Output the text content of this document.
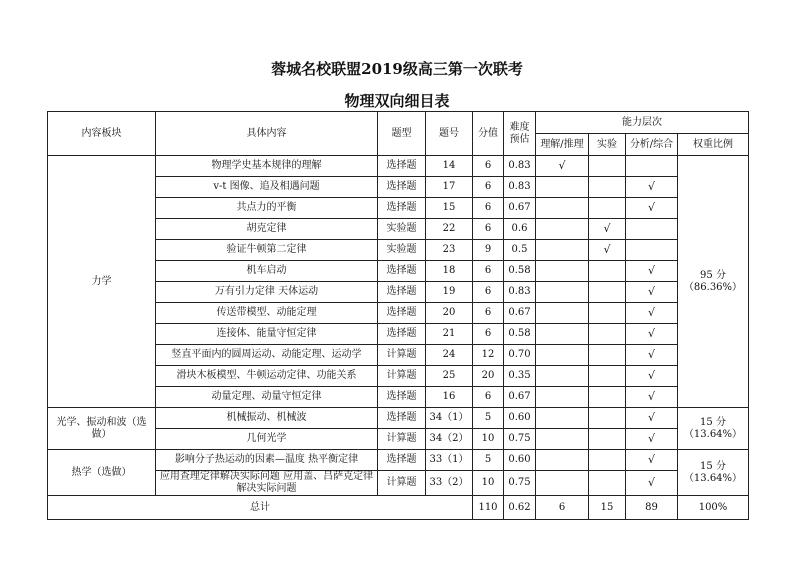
蓉城名校联盟2019级高三第一次联考
物理双向细目表
内容板块	具体内容	题型	题号	分值	难度预估	能力层次			
						理解/推理	实验	分析/综合	权重比例
力学	物理学史基本规律的理解	选择题	14	6	0.83	√			95 分（86.36%）
	v-t 图像、追及相遇问题	选择题	17	6	0.83			√	
	共点力的平衡	选择题	15	6	0.67			√	
	胡克定律	实验题	22	6	0.6		√		
	验证牛顿第二定律	实验题	23	9	0.5		√		
	机车启动	选择题	18	6	0.58			√	
	万有引力定律 天体运动	选择题	19	6	0.83			√	
	传送带模型、动能定理	选择题	20	6	0.67			√	
	连接体、能量守恒定律	选择题	21	6	0.58			√	
	竖直平面内的圆周运动、动能定理、运动学	计算题	24	12	0.70			√	
	滑块木板模型、牛顿运动定律、功能关系	计算题	25	20	0.35			√	
	动量定理、动量守恒定律	选择题	16	6	0.67			√	
光学、振动和波（选做）	机械振动、机械波	选择题	34（1）	5	0.60			√	15 分（13.64%）
	几何光学	计算题	34（2）	10	0.75			√	
热学（选做）	影响分子热运动的因素—温度 热平衡定律	选择题	33（1）	5	0.60			√	15 分（13.64%）
	应用查理定律解决实际问题 应用盖、吕萨克定律解决实际问题	计算题	33（2）	10	0.75			√	
总计				110	0.62	6	15	89	100%
